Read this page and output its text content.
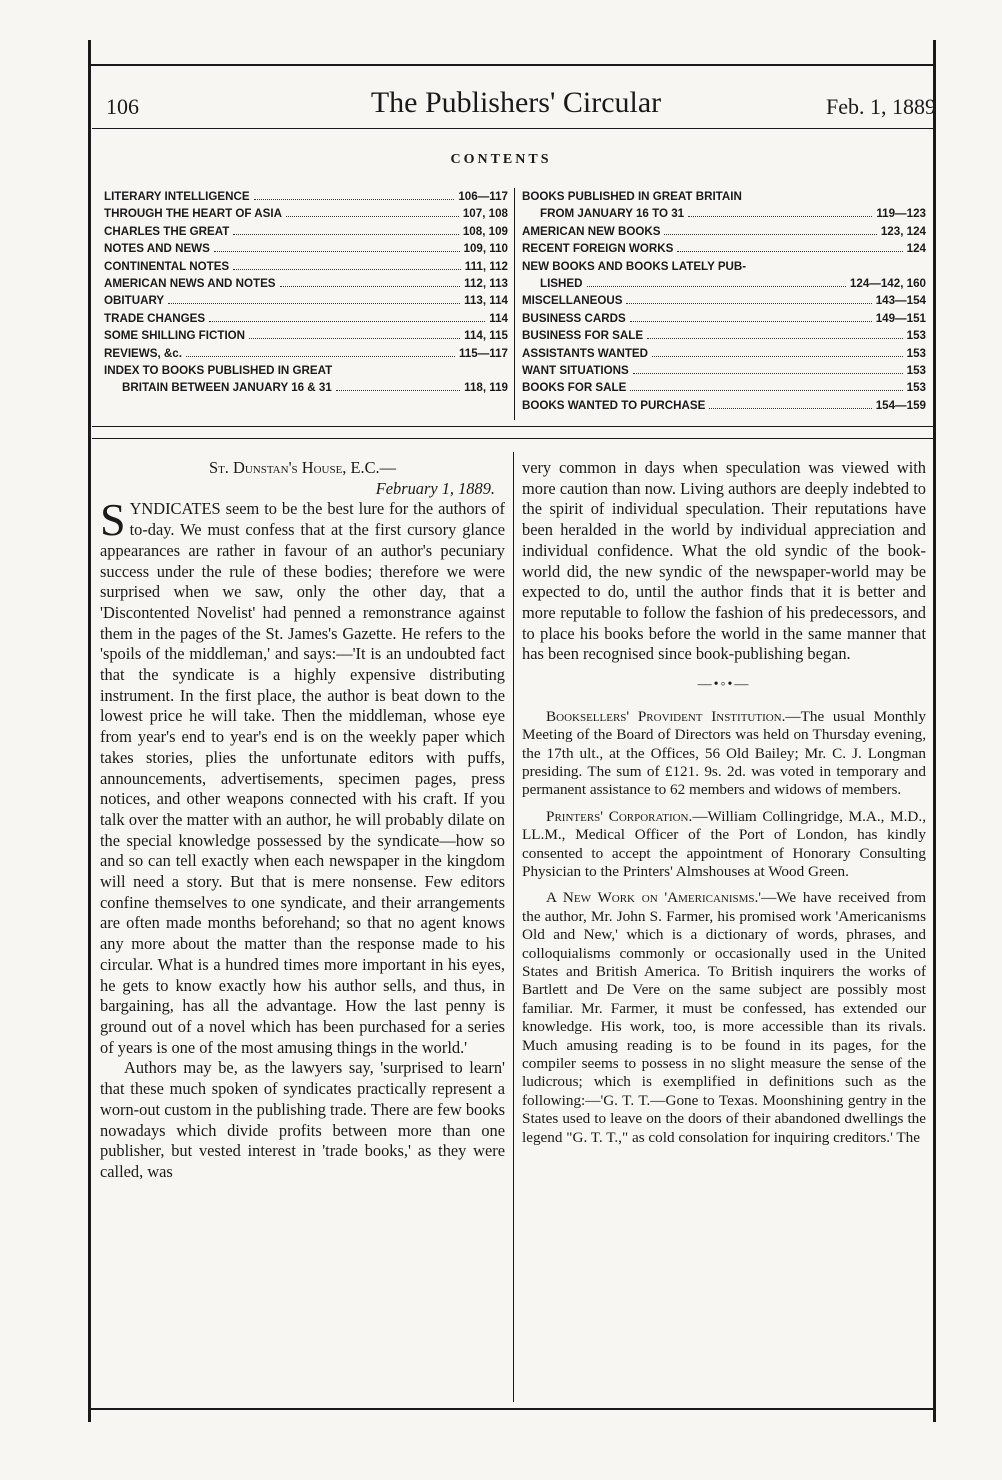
106	The Publishers' Circular	Feb. 1, 1889
CONTENTS
LITERARY INTELLIGENCE	106—117
THROUGH THE HEART OF ASIA	107, 108
CHARLES THE GREAT	108, 109
NOTES AND NEWS	109, 110
CONTINENTAL NOTES	111, 112
AMERICAN NEWS AND NOTES	112, 113
OBITUARY	113, 114
TRADE CHANGES	114
SOME SHILLING FICTION	114, 115
REVIEWS, &c.	115—117
INDEX TO BOOKS PUBLISHED IN GREAT
BRITAIN BETWEEN JANUARY 16 & 31	118, 119
BOOKS PUBLISHED IN GREAT BRITAIN
FROM JANUARY 16 TO 31	119—123
AMERICAN NEW BOOKS	123, 124
RECENT FOREIGN WORKS	124
NEW BOOKS AND BOOKS LATELY PUB-
LISHED	124—142, 160
MISCELLANEOUS	143—154
BUSINESS CARDS	149—151
BUSINESS FOR SALE	153
ASSISTANTS WANTED	153
WANT SITUATIONS	153
BOOKS FOR SALE	153
BOOKS WANTED TO PURCHASE	154—159

St. Dunstan's House, E.C.—

February 1, 1889.

SYNDICATES seem to be the best lure for the authors of to-day. We must confess that at the first cursory glance appearances are rather in favour of an author's pecuniary success under the rule of these bodies; therefore we were surprised when we saw, only the other day, that a 'Discontented Novelist' had penned a remonstrance against them in the pages of the St. James's Gazette. He refers to the 'spoils of the middleman,' and says:—'It is an undoubted fact that the syndicate is a highly expensive distributing instrument. In the first place, the author is beat down to the lowest price he will take. Then the middleman, whose eye from year's end to year's end is on the weekly paper which takes stories, plies the unfortunate editors with puffs, announcements, advertisements, specimen pages, press notices, and other weapons connected with his craft. If you talk over the matter with an author, he will probably dilate on the special knowledge possessed by the syndicate—how so and so can tell exactly when each newspaper in the kingdom will need a story. But that is mere nonsense. Few editors confine themselves to one syndicate, and their arrangements are often made months beforehand; so that no agent knows any more about the matter than the response made to his circular. What is a hundred times more important in his eyes, he gets to know exactly how his author sells, and thus, in bargaining, has all the advantage. How the last penny is ground out of a novel which has been purchased for a series of years is one of the most amusing things in the world.'

Authors may be, as the lawyers say, 'surprised to learn' that these much spoken of syndicates practically represent a worn-out custom in the publishing trade. There are few books nowadays which divide profits between more than one publisher, but vested interest in 'trade books,' as they were called, was

very common in days when speculation was viewed with more caution than now. Living authors are deeply indebted to the spirit of individual speculation. Their reputations have been heralded in the world by individual appreciation and individual confidence. What the old syndic of the book-world did, the new syndic of the newspaper-world may be expected to do, until the author finds that it is better and more reputable to follow the fashion of his predecessors, and to place his books before the world in the same manner that has been recognised since book-publishing began.

—•◦•—

Booksellers' Provident Institution.—The usual Monthly Meeting of the Board of Directors was held on Thursday evening, the 17th ult., at the Offices, 56 Old Bailey; Mr. C. J. Longman presiding. The sum of £121. 9s. 2d. was voted in temporary and permanent assistance to 62 members and widows of members.

Printers' Corporation.—William Collingridge, M.A., M.D., LL.M., Medical Officer of the Port of London, has kindly consented to accept the appointment of Honorary Consulting Physician to the Printers' Almshouses at Wood Green.

A New Work on 'Americanisms.'—We have received from the author, Mr. John S. Farmer, his promised work 'Americanisms Old and New,' which is a dictionary of words, phrases, and colloquialisms commonly or occasionally used in the United States and British America. To British inquirers the works of Bartlett and De Vere on the same subject are possibly most familiar. Mr. Farmer, it must be confessed, has extended our knowledge. His work, too, is more accessible than its rivals. Much amusing reading is to be found in its pages, for the compiler seems to possess in no slight measure the sense of the ludicrous; which is exemplified in definitions such as the following:—'G. T. T.—Gone to Texas. Moonshining gentry in the States used to leave on the doors of their abandoned dwellings the legend "G. T. T.," as cold consolation for inquiring creditors.' The
